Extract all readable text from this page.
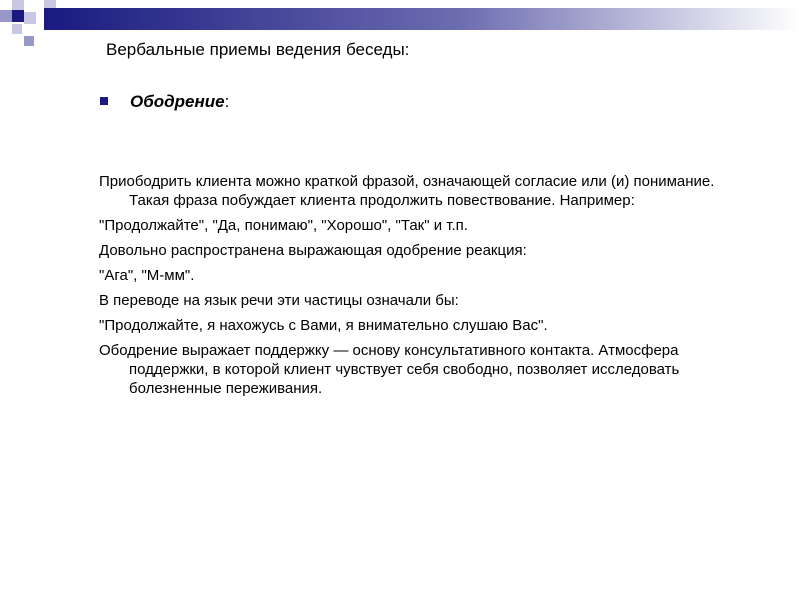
Вербальные приемы ведения беседы:
Ободрение:

Приободрить клиента можно краткой фразой, означающей согласие или (и) понимание. Такая фраза побуждает клиента продолжить повествование. Например:

"Продолжайте", "Да, понимаю", "Хорошо", "Так" и т.п.

Довольно распространена выражающая одобрение реакция:

"Ага", "М-мм".

В переводе на язык речи эти частицы означали бы:

"Продолжайте, я нахожусь с Вами, я внимательно слушаю Вас".

Ободрение выражает поддержку — основу консультативного контакта. Атмосфера поддержки, в которой клиент чувствует себя свободно, позволяет исследовать болезненные переживания.
